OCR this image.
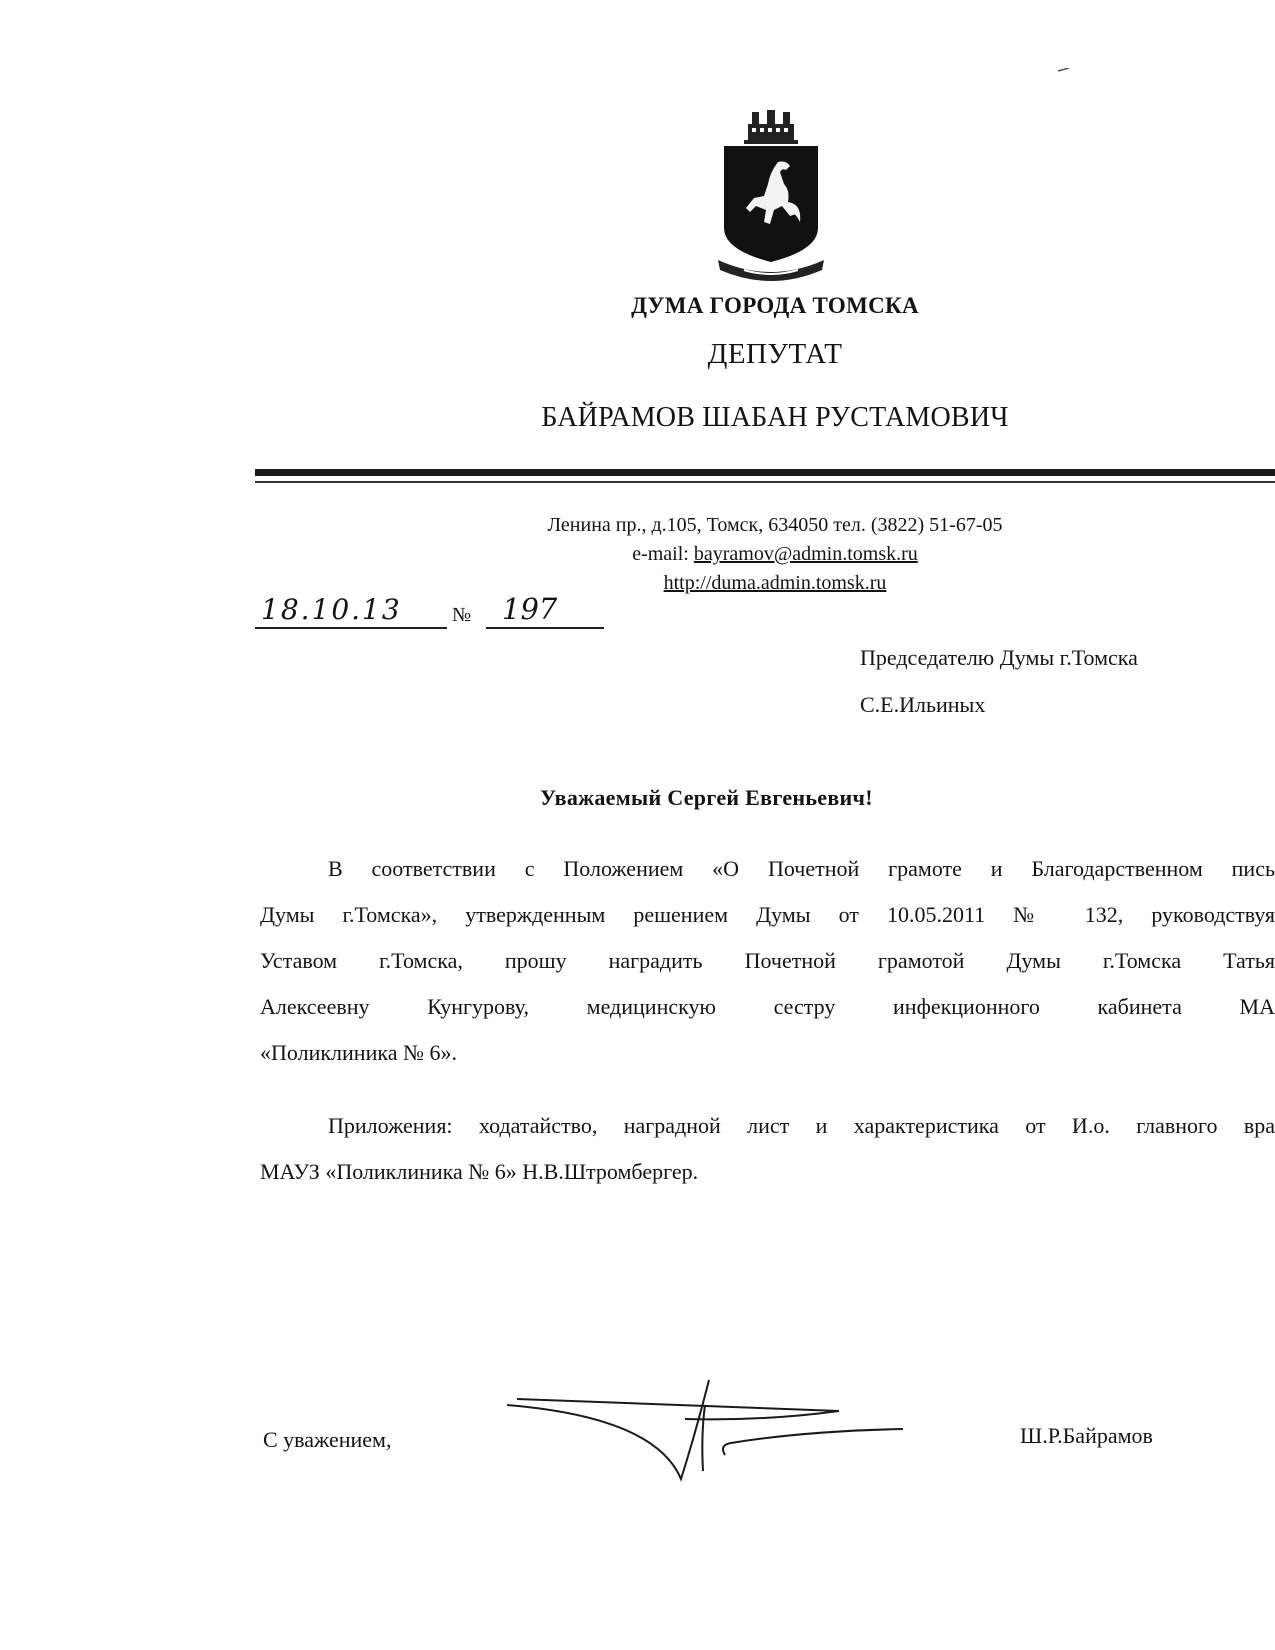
ДУМА ГОРОДА ТОМСКА
ДЕПУТАТ
БАЙРАМОВ ШАБАН РУСТАМОВИЧ
Ленина пр., д.105, Томск, 634050 тел. (3822) 51-67-05
e-mail: bayramov@admin.tomsk.ru
http://duma.admin.tomsk.ru
18.10.13	№	197
Председателю Думы г.Томска
С.Е.Ильиных
Уважаемый Сергей Евгеньевич!
В соответствии с Положением «О Почетной грамоте и Благодарственном пись
Думы г.Томска», утвержденным решением Думы от 10.05.2011 № 132, руководствуя
Уставом г.Томска, прошу наградить Почетной грамотой Думы г.Томска Татья
Алексеевну Кунгурову, медицинскую сестру инфекционного кабинета МА
«Поликлиника № 6».
Приложения: ходатайство, наградной лист и характеристика от И.о. главного вра
МАУЗ «Поликлиника № 6» Н.В.Штромбергер.
С уважением,	Ш.Р.Байрамов
